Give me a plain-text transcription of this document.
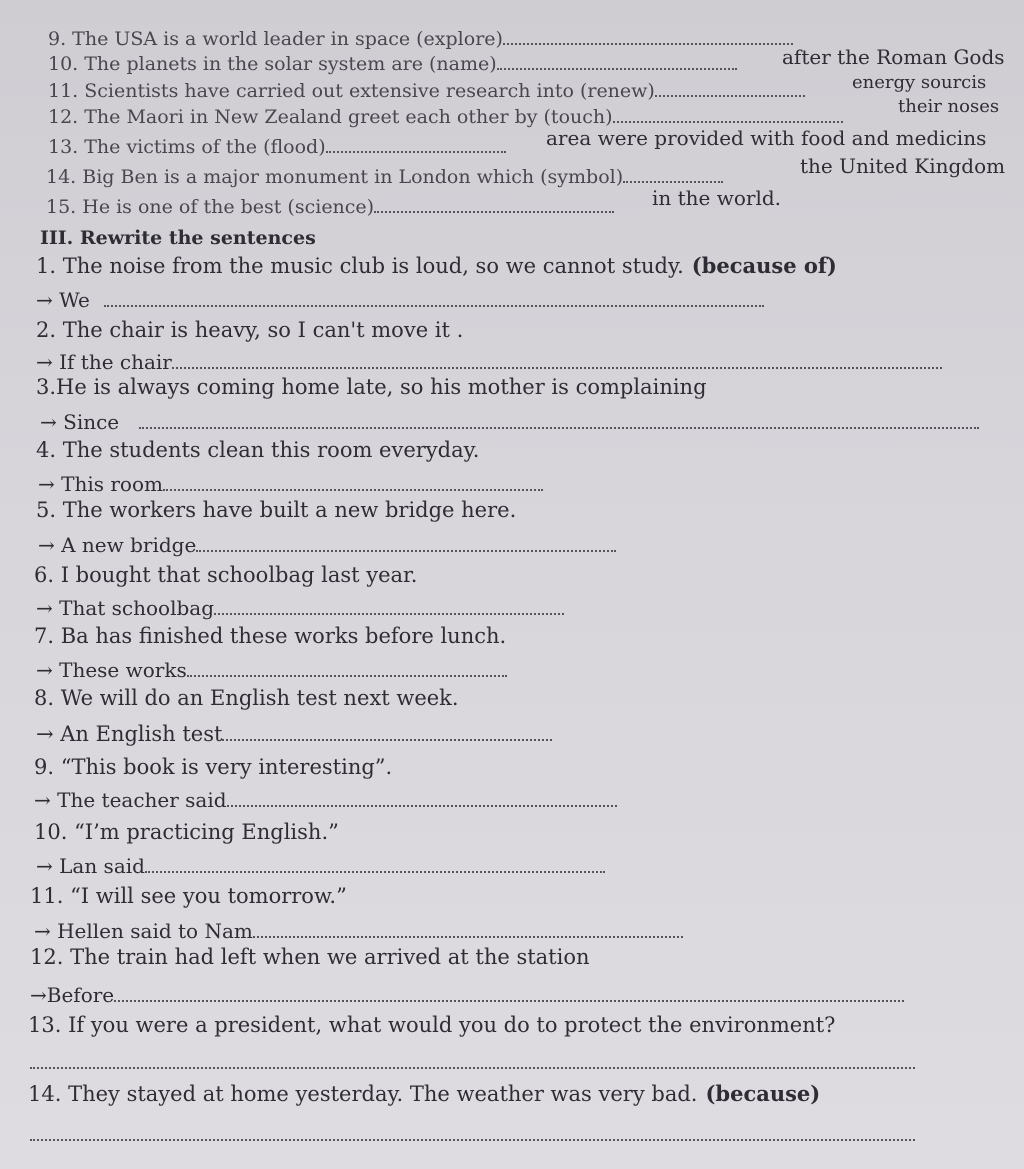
9. The USA is a world leader in space (explore)
10. The planets in the solar system are (name)	after the Roman Gods
11. Scientists have carried out extensive research into (renew)	energy sourcis
12. The Maori in New Zealand greet each other by (touch)	their noses
13. The victims of the (flood)	area were provided with food and medicins
14. Big Ben is a major monument in London which (symbol)	the United Kingdom
15. He is one of the best (science)	in the world.
III. Rewrite the sentences
1. The noise from the music club is loud, so we cannot study. (because of)
→ We
2. The chair is heavy, so I can't move it .
→ If the chair
3.He is always coming home late, so his mother is complaining
→ Since
4. The students clean this room everyday.
→ This room
5. The workers have built a new bridge here.
→ A new bridge
6. I bought that schoolbag last year.
→ That schoolbag
7. Ba has finished these works before lunch.
→ These works
8. We will do an English test next week.
→ An English test
9. “This book is very interesting”.
→ The teacher said
10. “I’m practicing English.”
→ Lan said
11. “I will see you tomorrow.”
→ Hellen said to Nam
12. The train had left when we arrived at the station
→Before
13. If you were a president, what would you do to protect the environment?
14. They stayed at home yesterday. The weather was very bad. (because)
